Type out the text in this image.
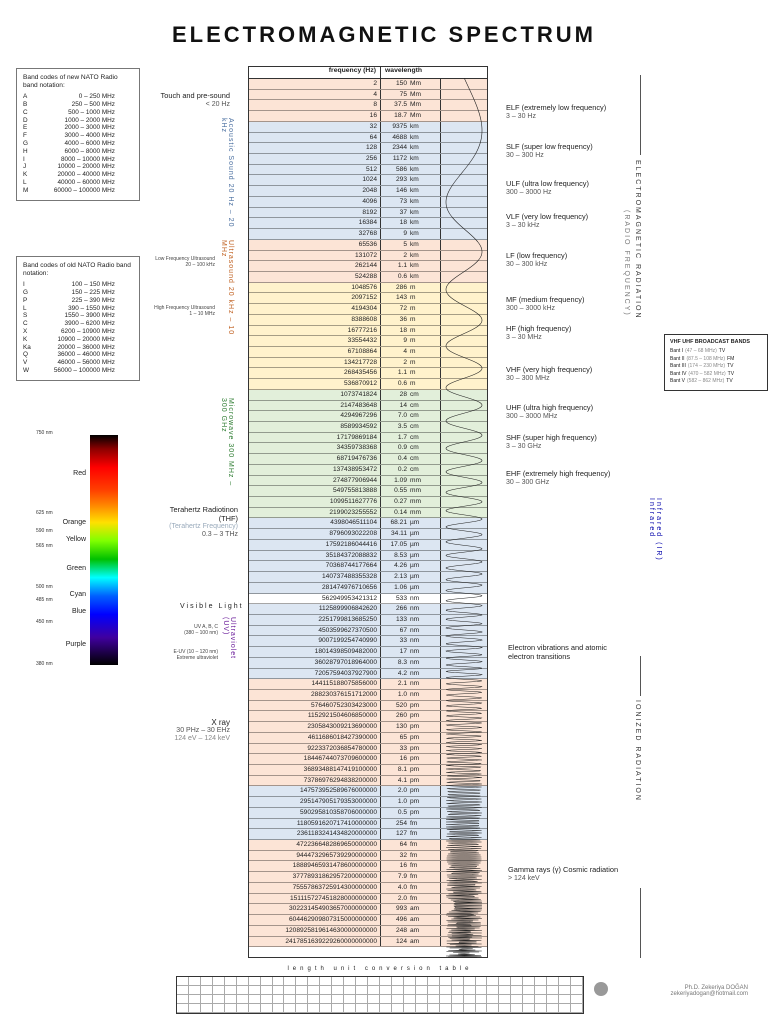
ELECTROMAGNETIC SPECTRUM
Band codes of new NATO Radio band notation:
A	0 – 250 MHz
B	250 – 500 MHz
C	500 – 1000 MHz
D	1000 – 2000 MHz
E	2000 – 3000 MHz
F	3000 – 4000 MHz
G	4000 – 6000 MHz
H	6000 – 8000 MHz
I	8000 – 10000 MHz
J	10000 – 20000 MHz
K	20000 – 40000 MHz
L	40000 – 60000 MHz
M	60000 – 100000 MHz
Band codes of old NATO Radio band notation:
I	100 – 150 MHz
G	150 – 225 MHz
P	225 – 390 MHz
L	390 – 1550 MHz
S	1550 – 3900 MHz
C	3900 – 6200 MHz
X	6200 – 10900 MHz
K	10900 – 20000 MHz
Ka	20000 – 36000 MHz
Q	36000 – 46000 MHz
V	46000 – 56000 MHz
W	56000 – 100000 MHz
frequency (Hz)	wavelength
2	150 Mm
4	75 Mm
8	37.5 Mm
16	18.7 Mm
32	9375 km
64	4688 km
128	2344 km
256	1172 km
512	586 km
1024	293 km
2048	146 km
4096	73 km
8192	37 km
16384	18 km
32768	9 km
65536	5 km
131072	2 km
262144	1.1 km
524288	0.6 km
1048576	286 m
2097152	143 m
4194304	72 m
8388608	36 m
16777216	18 m
33554432	9 m
67108864	4 m
134217728	2 m
268435456	1.1 m
536870912	0.6 m
1073741824	28 cm
2147483648	14 cm
4294967296	7.0 cm
8589934592	3.5 cm
17179869184	1.7 cm
34359738368	0.9 cm
68719476736	0.4 cm
137438953472	0.2 cm
274877906944	1.09 mm
549755813888	0.55 mm
1099511627776	0.27 mm
2199023255552	0.14 mm
4398046511104	68.21 µm
8796093022208	34.11 µm
17592186044416	17.05 µm
35184372088832	8.53 µm
70368744177664	4.26 µm
140737488355328	2.13 µm
281474976710656	1.06 µm
562949953421312	533 nm
1125899906842620	266 nm
2251799813685250	133 nm
4503599627370500	67 nm
9007199254740990	33 nm
18014398509482000	17 nm
36028797018964000	8.3 nm
72057594037927900	4.2 nm
144115188075856000	2.1 nm
288230376151712000	1.0 nm
576460752303423000	520 pm
1152921504606850000	260 pm
2305843009213690000	130 pm
4611686018427390000	65 pm
9223372036854780000	33 pm
18446744073709600000	16 pm
36893488147419100000	8.1 pm
73786976294838200000	4.1 pm
147573952589676000000	2.0 pm
295147905179353000000	1.0 pm
590295810358706000000	0.5 pm
1180591620717410000000	254 fm
2361183241434820000000	127 fm
4722366482869650000000	64 fm
9444732965739290000000	32 fm
18889465931478600000000	16 fm
37778931862957200000000	7.9 fm
75557863725914300000000	4.0 fm
151115727451828000000000	2.0 fm
302231454903657000000000	993 am
604462909807315000000000	496 am
1208925819614630000000000	248 am
2417851639229260000000000	124 am
Touch and pre-sound
< 20 Hz
Acoustic Sound 20 Hz – 20 kHz
Ultrasound 20 kHz – 10 MHz
Low Frequency Ultrasound
20 – 100 kHz
High Frequency Ultrasound
1 – 10 MHz
Microwave 300 MHz – 300 GHz
Terahertz Radiotinon (THF)
(Terahertz Frequency)
0.3 – 3 THz
Visible Light
Ultraviolet (UV)
UV A, B, C
(380 – 100 nm)
E-UV (10 – 120 nm)
Extreme ultraviolet
X ray
30 PHz – 30 EHz
124 eV – 124 keV
750 nm
625 nm
590 nm
565 nm
500 nm
485 nm
450 nm
380 nm
Red
Orange
Yellow
Green
Cyan
Blue
Purple
ELF (extremely low frequency)
3 – 30 Hz
SLF (super low frequency)
30 – 300 Hz
ULF (ultra low frequency)
300 – 3000 Hz
VLF (very low frequency)
3 – 30 kHz
LF (low frequency)
30 – 300 kHz
MF (medium frequency)
300 – 3000 kHz
HF (high frequency)
3 – 30 MHz
VHF (very high frequency)
30 – 300 MHz
UHF (ultra high frequency)
300 – 3000 MHz
SHF (super high frequency)
3 – 30 GHz
EHF (extremely high frequency)
30 – 300 GHz
Electron vibrations and atomic electron transitions
Gamma rays (γ) Cosmic radiation
> 124 keV
ELECTROMAGNETIC RADIATION
(RADIO FREQUENCY)
IONIZED RADIATION
Infrared (IR) Infrared
VHF UHF BROADCAST BANDS
Bant I (47 – 68 MHz) TV
Bant II (87.5 – 108 MHz) FM
Bant III (174 – 230 MHz) TV
Bant IV (470 – 582 MHz) TV
Bant V (582 – 862 MHz) TV
Ph.D. Zekeriya DOĞAN
zekeriyadogan@hotmail.com
length unit conversion table
